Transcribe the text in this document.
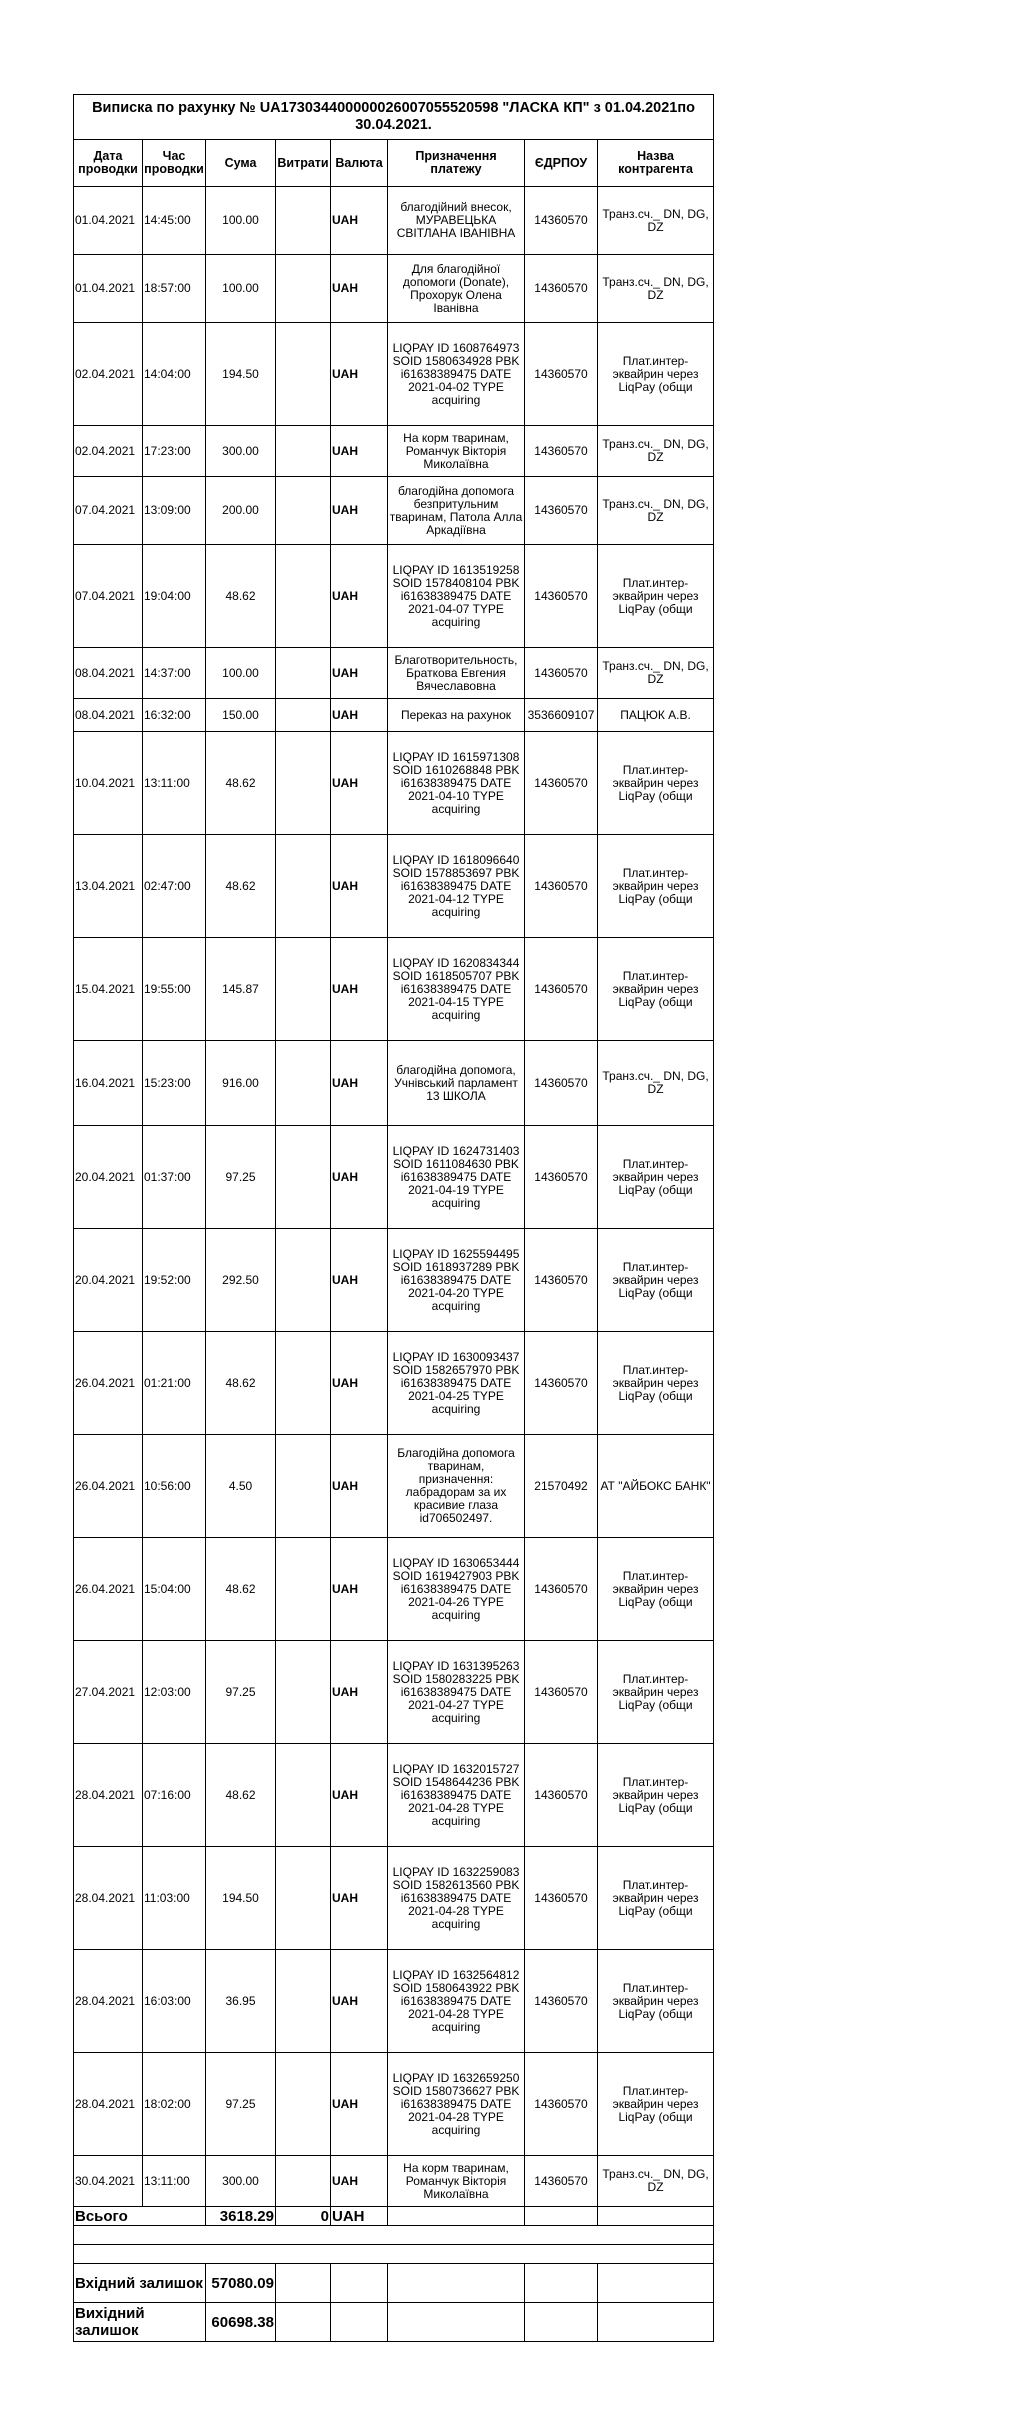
Виписка по рахунку № UA173034400000026007055520598 "ЛАСКА КП" з 01.04.2021по 30.04.2021.							
Дата проводки	Час проводки	Сума	Витрати	Валюта	Призначення платежу	ЄДРПОУ	Назва контрагента
01.04.2021	14:45:00	100.00		UAH	благодійний внесок, МУРАВЕЦЬКА СВІТЛАНА ІВАНІВНА	14360570	Транз.сч._ DN, DG, DZ
01.04.2021	18:57:00	100.00		UAH	Для благодійної допомоги (Donate), Прохорук Олена Іванівна	14360570	Транз.сч._ DN, DG, DZ
02.04.2021	14:04:00	194.50		UAH	LIQPAY ID 1608764973 SOID 1580634928 PBK i61638389475 DATE 2021-04-02 TYPE acquiring	14360570	Плат.интер-эквайрин через LiqPay (общи
02.04.2021	17:23:00	300.00		UAH	На корм тваринам, Романчук Вікторія Миколаївна	14360570	Транз.сч._ DN, DG, DZ
07.04.2021	13:09:00	200.00		UAH	благодійна допомога безпритульним тваринам, Патола Алла Аркадіївна	14360570	Транз.сч._ DN, DG, DZ
07.04.2021	19:04:00	48.62		UAH	LIQPAY ID 1613519258 SOID 1578408104 PBK i61638389475 DATE 2021-04-07 TYPE acquiring	14360570	Плат.интер-эквайрин через LiqPay (общи
08.04.2021	14:37:00	100.00		UAH	Благотворительность, Браткова Евгения Вячеславовна	14360570	Транз.сч._ DN, DG, DZ
08.04.2021	16:32:00	150.00		UAH	Переказ на рахунок	3536609107	ПАЦЮК А.В.
10.04.2021	13:11:00	48.62		UAH	LIQPAY ID 1615971308 SOID 1610268848 PBK i61638389475 DATE 2021-04-10 TYPE acquiring	14360570	Плат.интер-эквайрин через LiqPay (общи
13.04.2021	02:47:00	48.62		UAH	LIQPAY ID 1618096640 SOID 1578853697 PBK i61638389475 DATE 2021-04-12 TYPE acquiring	14360570	Плат.интер-эквайрин через LiqPay (общи
15.04.2021	19:55:00	145.87		UAH	LIQPAY ID 1620834344 SOID 1618505707 PBK i61638389475 DATE 2021-04-15 TYPE acquiring	14360570	Плат.интер-эквайрин через LiqPay (общи
16.04.2021	15:23:00	916.00		UAH	благодійна допомога, Учнівський парламент 13 ШКОЛА	14360570	Транз.сч._ DN, DG, DZ
20.04.2021	01:37:00	97.25		UAH	LIQPAY ID 1624731403 SOID 1611084630 PBK i61638389475 DATE 2021-04-19 TYPE acquiring	14360570	Плат.интер-эквайрин через LiqPay (общи
20.04.2021	19:52:00	292.50		UAH	LIQPAY ID 1625594495 SOID 1618937289 PBK i61638389475 DATE 2021-04-20 TYPE acquiring	14360570	Плат.интер-эквайрин через LiqPay (общи
26.04.2021	01:21:00	48.62		UAH	LIQPAY ID 1630093437 SOID 1582657970 PBK i61638389475 DATE 2021-04-25 TYPE acquiring	14360570	Плат.интер-эквайрин через LiqPay (общи
26.04.2021	10:56:00	4.50		UAH	Благодійна допомога тваринам, призначення: лабрадорам за их красивие глаза id706502497.	21570492	АТ "АЙБОКС БАНК"
26.04.2021	15:04:00	48.62		UAH	LIQPAY ID 1630653444 SOID 1619427903 PBK i61638389475 DATE 2021-04-26 TYPE acquiring	14360570	Плат.интер-эквайрин через LiqPay (общи
27.04.2021	12:03:00	97.25		UAH	LIQPAY ID 1631395263 SOID 1580283225 PBK i61638389475 DATE 2021-04-27 TYPE acquiring	14360570	Плат.интер-эквайрин через LiqPay (общи
28.04.2021	07:16:00	48.62		UAH	LIQPAY ID 1632015727 SOID 1548644236 PBK i61638389475 DATE 2021-04-28 TYPE acquiring	14360570	Плат.интер-эквайрин через LiqPay (общи
28.04.2021	11:03:00	194.50		UAH	LIQPAY ID 1632259083 SOID 1582613560 PBK i61638389475 DATE 2021-04-28 TYPE acquiring	14360570	Плат.интер-эквайрин через LiqPay (общи
28.04.2021	16:03:00	36.95		UAH	LIQPAY ID 1632564812 SOID 1580643922 PBK i61638389475 DATE 2021-04-28 TYPE acquiring	14360570	Плат.интер-эквайрин через LiqPay (общи
28.04.2021	18:02:00	97.25		UAH	LIQPAY ID 1632659250 SOID 1580736627 PBK i61638389475 DATE 2021-04-28 TYPE acquiring	14360570	Плат.интер-эквайрин через LiqPay (общи
30.04.2021	13:11:00	300.00		UAH	На корм тваринам, Романчук Вікторія Миколаївна	14360570	Транз.сч._ DN, DG, DZ
Всього		3618.29	0	UAH			

Вхідний залишок		57080.09					
Вихідний залишок		60698.38					
